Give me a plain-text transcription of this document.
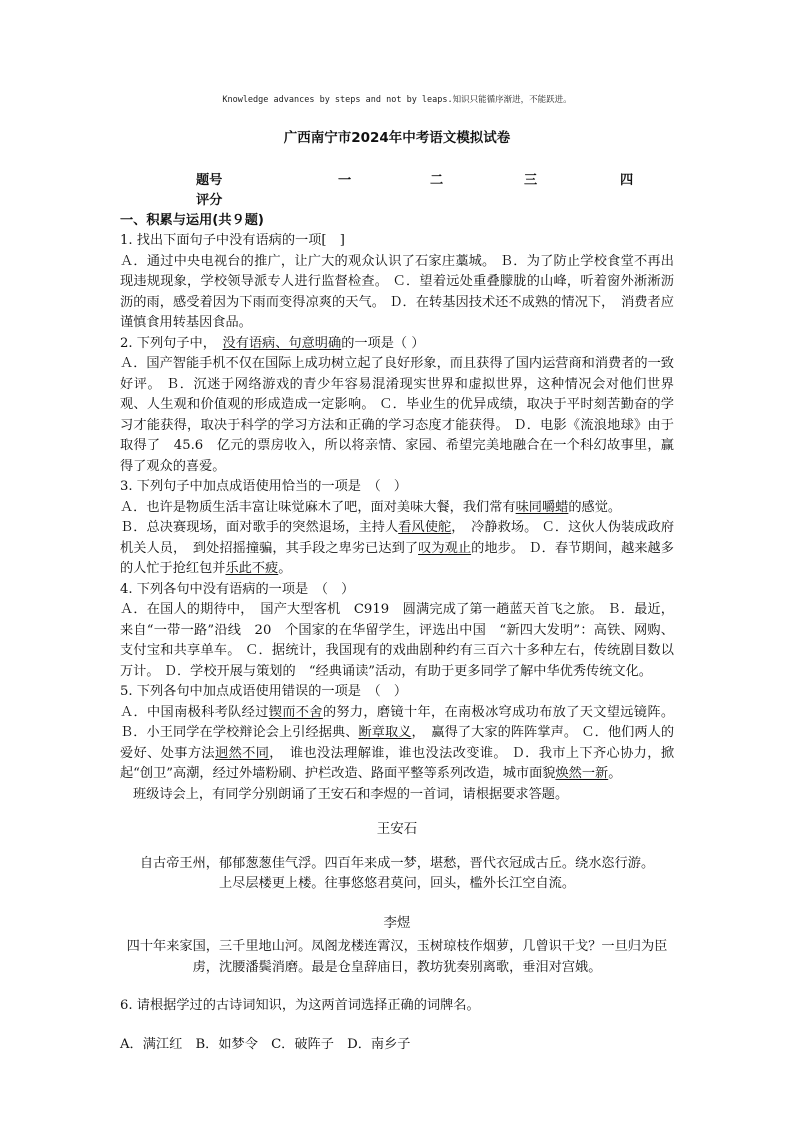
Knowledge advances by steps and not by leaps.知识只能循序渐进，不能跃进。
广西南宁市2024年中考语文模拟试卷
题号	一	二	三	四
评分
一、积累与运用(共９题)

1. 找出下面句子中没有语病的一项[　]

Ａ．通过中央电视台的推广，让广大的观众认识了石家庄藁城。 Ｂ．为了防止学校食堂不再出现违规现象，学校领导派专人进行监督检查。 Ｃ．望着远处重叠朦胧的山峰，听着窗外淅淅沥沥的雨，感受着因为下雨而变得凉爽的天气。 Ｄ．在转基因技术还不成熟的情况下，　消费者应谨慎食用转基因食品。

2. 下列句子中，　没有语病、句意明确的一项是（ ）

Ａ．国产智能手机不仅在国际上成功树立起了良好形象，而且获得了国内运营商和消费者的一致好评。 Ｂ．沉迷于网络游戏的青少年容易混淆现实世界和虚拟世界，这种情况会对他们世界观、人生观和价值观的形成造成一定影响。 Ｃ．毕业生的优异成绩，取决于平时刻苦勤奋的学习才能获得，取决于科学的学习方法和正确的学习态度才能获得。 Ｄ．电影《流浪地球》由于取得了　45.6　亿元的票房收入，所以将亲情、家园、希望完美地融合在一个科幻故事里，赢得了观众的喜爱。

3. 下列句子中加点成语使用恰当的一项是　（　）

Ａ．也许是物质生活丰富让味觉麻木了吧，面对美味大餐，我们常有味同嚼蜡的感觉。
Ｂ．总决赛现场，面对歌手的突然退场，主持人看风使舵，　冷静救场。 Ｃ．这伙人伪装成政府机关人员，　到处招摇撞骗，其手段之卑劣已达到了叹为观止的地步。 Ｄ．春节期间，越来越多的人忙于抢红包并乐此不疲。

4. 下列各句中没有语病的一项是　（　）

Ａ．在国人的期待中，　国产大型客机　C919　圆满完成了第一趟蓝天首飞之旅。 Ｂ．最近，来自“一带一路”沿线　20　个国家的在华留学生，评选出中国　“新四大发明”：高铁、网购、支付宝和共享单车。 Ｃ．据统计，我国现有的戏曲剧种约有三百六十多种左右，传统剧目数以万计。 Ｄ．学校开展与策划的　“经典诵读”活动，有助于更多同学了解中华优秀传统文化。

5. 下列各句中加点成语使用错误的一项是　（　）

Ａ．中国南极科考队经过锲而不舍的努力，磨镜十年，在南极冰穹成功布放了天文望远镜阵。 Ｂ．小王同学在学校辩论会上引经据典、断章取义，　赢得了大家的阵阵掌声。 Ｃ．他们两人的爱好、处事方法迥然不同，　谁也没法理解谁，谁也没法改变谁。 Ｄ．我市上下齐心协力，掀起“创卫”高潮，经过外墙粉刷、护栏改造、路面平整等系列改造，城市面貌焕然一新。

班级诗会上，有同学分别朗诵了王安石和李煜的一首词，请根据要求答题。

王安石

自古帝王州，郁郁葱葱佳气浮。四百年来成一梦，堪愁，晋代衣冠成古丘。绕水恣行游。上尽层楼更上楼。往事悠悠君莫问，回头，槛外长江空自流。

李煜

四十年来家国，三千里地山河。凤阁龙楼连霄汉，玉树琼枝作烟萝，几曾识干戈？一旦归为臣虏，沈腰潘鬓消磨。最是仓皇辞庙日，教坊犹奏别离歌，垂泪对宫娥。

6. 请根据学过的古诗词知识，为这两首词选择正确的词牌名。

A．满江红　B．如梦令　C．破阵子　D．南乡子
